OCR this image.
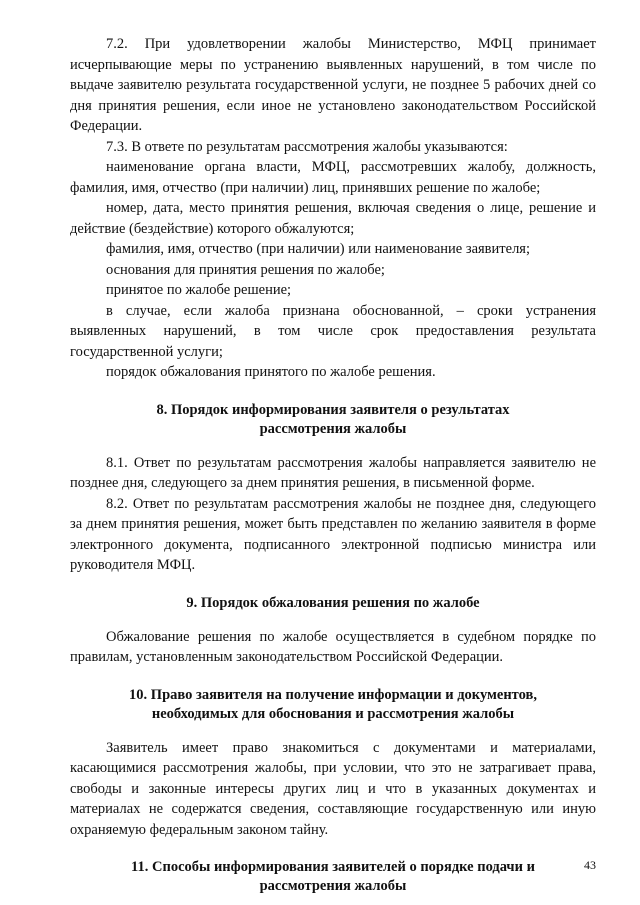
7.2. При удовлетворении жалобы Министерство, МФЦ принимает исчерпывающие меры по устранению выявленных нарушений, в том числе по выдаче заявителю результата государственной услуги, не позднее 5 рабочих дней со дня принятия решения, если иное не установлено законодательством Российской Федерации.

7.3. В ответе по результатам рассмотрения жалобы указываются:

наименование органа власти, МФЦ, рассмотревших жалобу, должность, фамилия, имя, отчество (при наличии) лиц, принявших решение по жалобе;

номер, дата, место принятия решения, включая сведения о лице, решение и действие (бездействие) которого обжалуются;

фамилия, имя, отчество (при наличии) или наименование заявителя;

основания для принятия решения по жалобе;

принятое по жалобе решение;

в случае, если жалоба признана обоснованной, – сроки устранения выявленных нарушений, в том числе срок предоставления результата государственной услуги;

порядок обжалования принятого по жалобе решения.

8. Порядок информирования заявителя о результатах

рассмотрения жалобы

8.1. Ответ по результатам рассмотрения жалобы направляется заявителю не позднее дня, следующего за днем принятия решения, в письменной форме.

8.2. Ответ по результатам рассмотрения жалобы не позднее дня, следующего за днем принятия решения, может быть представлен по желанию заявителя в форме электронного документа, подписанного электронной подписью министра или руководителя МФЦ.

9. Порядок обжалования решения по жалобе

Обжалование решения по жалобе осуществляется в судебном порядке по правилам, установленным законодательством Российской Федерации.

10. Право заявителя на получение информации и документов,

необходимых для обоснования и рассмотрения жалобы

Заявитель имеет право знакомиться с документами и материалами, касающимися рассмотрения жалобы, при условии, что это не затрагивает права, свободы и законные интересы других лиц и что в указанных документах и материалах не содержатся сведения, составляющие государственную или иную охраняемую федеральным законом тайну.

11. Способы информирования заявителей о порядке подачи и

рассмотрения жалобы

43
